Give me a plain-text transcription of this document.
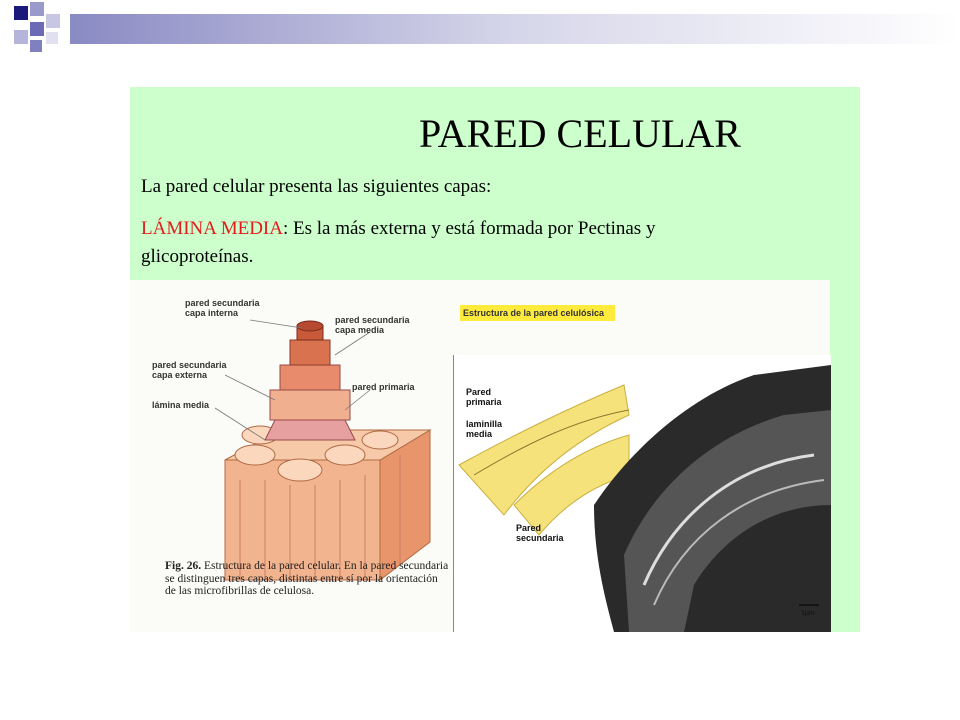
PARED CELULAR
La pared celular presenta las siguientes capas:
LÁMINA MEDIA: Es la más externa y está formada por Pectinas y
glicoproteínas.
pared secundaria
capa interna
pared secundaria
capa media
pared secundaria
capa externa
pared primaria
lámina media
Estructura de la pared celulósica
Pared
primaria
laminilla
media
Pared
secundaria
1µm
Fig. 26. Estructura de la pared celular. En la pared secundaria se distinguen tres capas, distintas entre sí por la orientación de las microfibrillas de celulosa.
